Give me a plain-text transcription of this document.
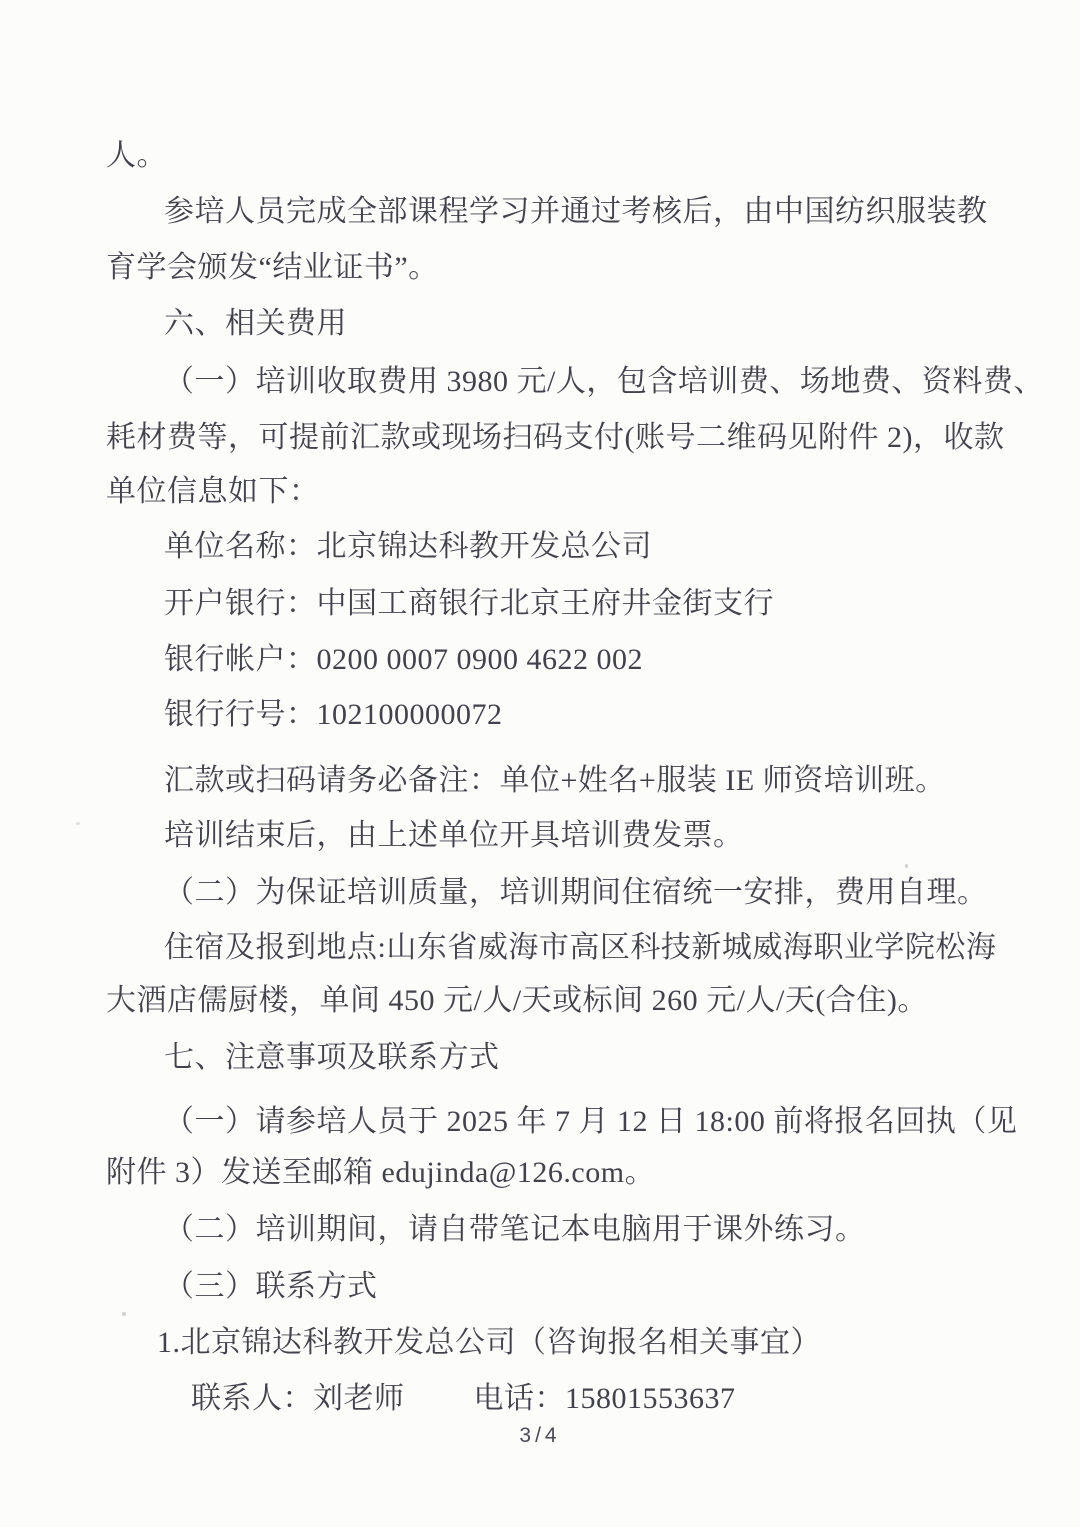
人。
参培人员完成全部课程学习并通过考核后，由中国纺织服装教
育学会颁发“结业证书”。
六、相关费用
（一）培训收取费用 3980 元/人，包含培训费、场地费、资料费、
耗材费等，可提前汇款或现场扫码支付(账号二维码见附件 2)，收款
单位信息如下：
单位名称：北京锦达科教开发总公司
开户银行：中国工商银行北京王府井金街支行
银行帐户：0200 0007 0900 4622 002
银行行号：102100000072
汇款或扫码请务必备注：单位+姓名+服装 IE 师资培训班。
培训结束后，由上述单位开具培训费发票。
（二）为保证培训质量，培训期间住宿统一安排，费用自理。
住宿及报到地点:山东省威海市高区科技新城威海职业学院松海
大酒店儒厨楼，单间 450 元/人/天或标间 260 元/人/天(合住)。
七、注意事项及联系方式
（一）请参培人员于 2025 年 7 月 12 日 18:00 前将报名回执（见
附件 3）发送至邮箱 edujinda@126.com。
（二）培训期间，请自带笔记本电脑用于课外练习。
（三）联系方式
1.北京锦达科教开发总公司（咨询报名相关事宜）
联系人：刘老师　　 电话：15801553637
3/4
